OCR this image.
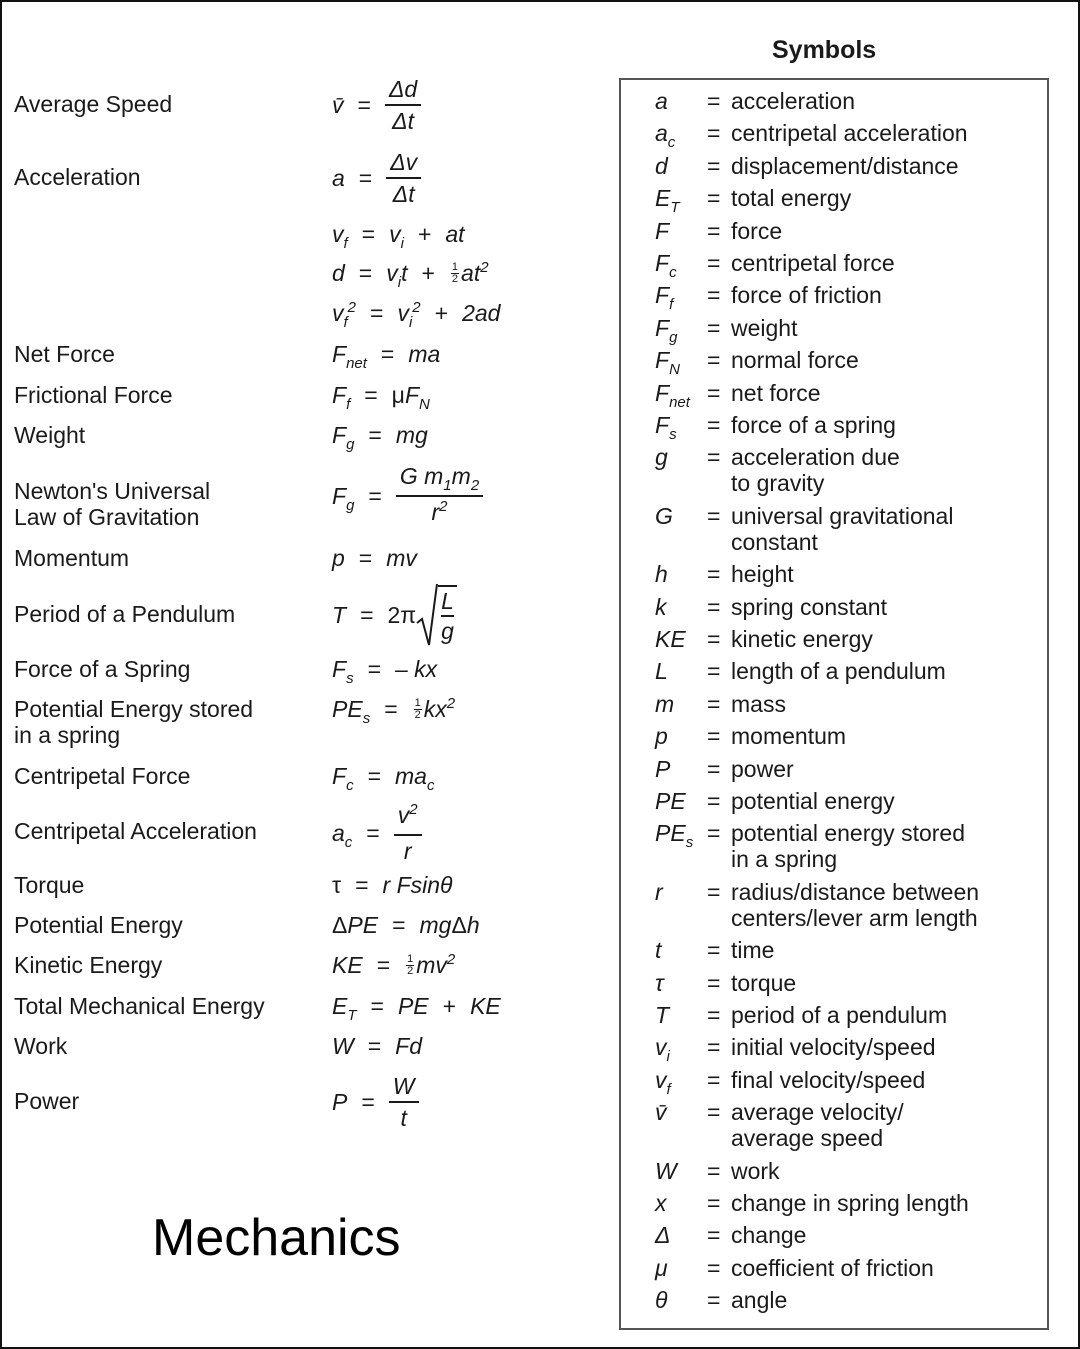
Average Speed
Acceleration
Net Force
Frictional Force
Weight
Newton's Universal
Law of Gravitation
Momentum
Period of a Pendulum
Force of a Spring
Potential Energy stored
in a spring
Centripetal Force
Centripetal Acceleration
Torque
Potential Energy
Kinetic Energy
Total Mechanical Energy
Work
Power
v̄ = $\frac{\Delta d}{\Delta t}$
$a = \frac{\Delta v}{\Delta t}$
$v_f = v_i$ + at
$d = v_it + \frac{1}{2} at^2$
$v_f^2 = v_i^2 + 2ad$
$F_{net}$ = ma
$F_f = \mu F_N$
$F_g$ = mg
$F_g = \frac{G m_1m_2}{r^2}$
p = mv
T = 2π
L
g
$F_s$ = – kx
$PE_s = \frac{1}{2} kx^2$
$F_c = ma_c$
$a_c = \frac{v^2}{r}$
τ = r Fsinθ
ΔPE = mgΔh
KE = $\frac{1}{2} mv^2$
$E_T$ = PE + KE
W = Fd
$P = \frac{W}{t}$
Mechanics
Symbols
a = acceleration
$a_c$ = centripetal acceleration
d = displacement/distance
$E_T$ = total energy
F = force
$F_c$ = centripetal force
$F_f$ = force of friction
$F_g$ = weight
$F_N$ = normal force
$F_{net}$ = net force
$F_s$ = force of a spring
g = acceleration due
to gravity
G = universal gravitational
constant
h = height
k = spring constant
KE = kinetic energy
L = length of a pendulum
m = mass
p = momentum
P = power
PE = potential energy
$PE_s$ = potential energy stored
in a spring
r = radius/distance between
centers/lever arm length
t = time
τ = torque
T = period of a pendulum
$v_i$ = initial velocity/speed
$v_f$ = final velocity/speed
v̄ = average velocity/
average speed
W = work
x = change in spring length
Δ = change
μ = coefficient of friction
θ = angle
